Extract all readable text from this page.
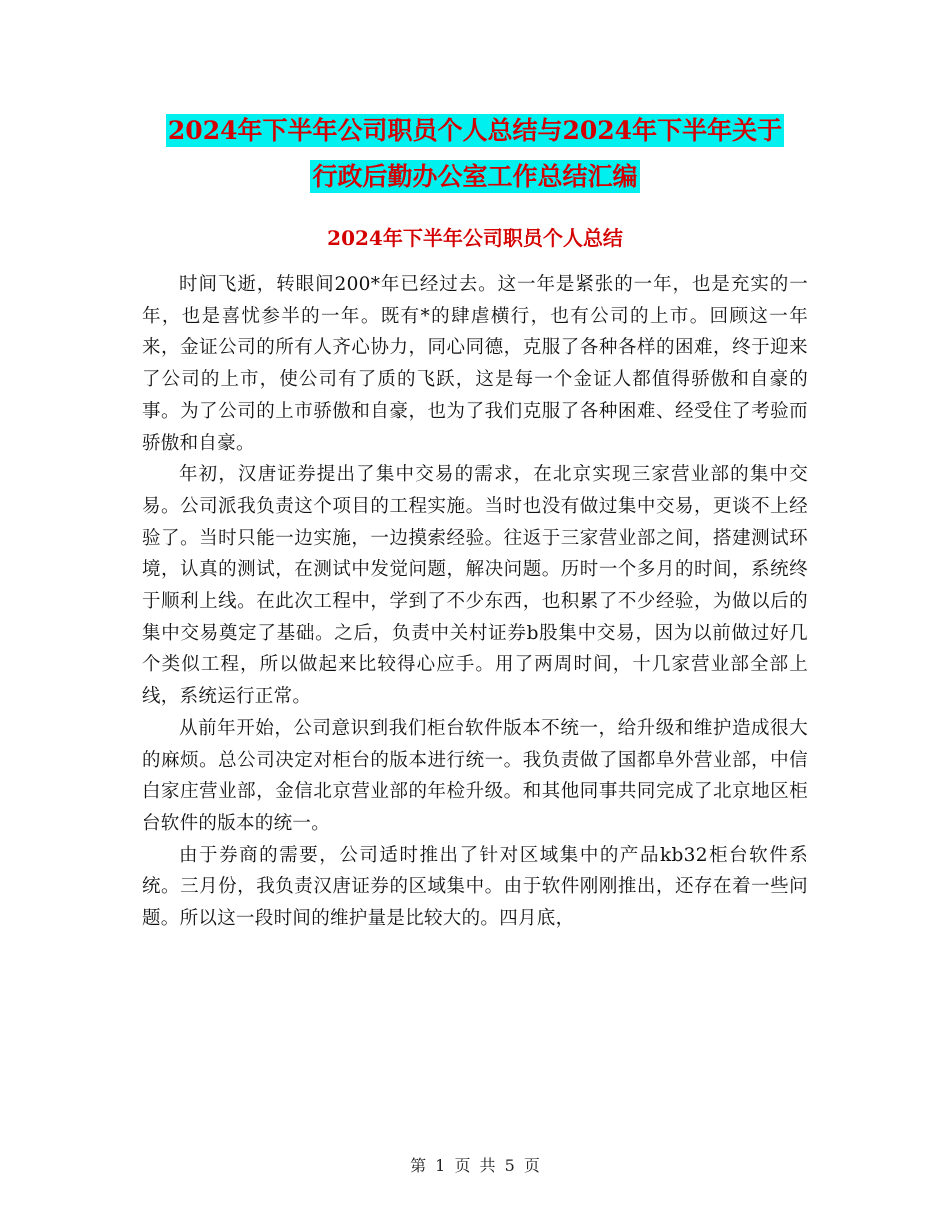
2024年下半年公司职员个人总结与2024年下半年关于
行政后勤办公室工作总结汇编
2024年下半年公司职员个人总结

时间飞逝，转眼间200*年已经过去。这一年是紧张的一年，也是充实的一年，也是喜忧参半的一年。既有*的肆虐横行，也有公司的上市。回顾这一年来，金证公司的所有人齐心协力，同心同德，克服了各种各样的困难，终于迎来了公司的上市，使公司有了质的飞跃，这是每一个金证人都值得骄傲和自豪的事。为了公司的上市骄傲和自豪，也为了我们克服了各种困难、经受住了考验而骄傲和自豪。

年初，汉唐证券提出了集中交易的需求，在北京实现三家营业部的集中交易。公司派我负责这个项目的工程实施。当时也没有做过集中交易，更谈不上经验了。当时只能一边实施，一边摸索经验。往返于三家营业部之间，搭建测试环境，认真的测试，在测试中发觉问题，解决问题。历时一个多月的时间，系统终于顺利上线。在此次工程中，学到了不少东西，也积累了不少经验，为做以后的集中交易奠定了基础。之后，负责中关村证券b股集中交易，因为以前做过好几个类似工程，所以做起来比较得心应手。用了两周时间，十几家营业部全部上线，系统运行正常。

从前年开始，公司意识到我们柜台软件版本不统一，给升级和维护造成很大的麻烦。总公司决定对柜台的版本进行统一。我负责做了国都阜外营业部，中信白家庄营业部，金信北京营业部的年检升级。和其他同事共同完成了北京地区柜台软件的版本的统一。

由于券商的需要，公司适时推出了针对区域集中的产品kb32柜台软件系统。三月份，我负责汉唐证券的区域集中。由于软件刚刚推出，还存在着一些问题。所以这一段时间的维护量是比较大的。四月底，

第 1 页 共 5 页
